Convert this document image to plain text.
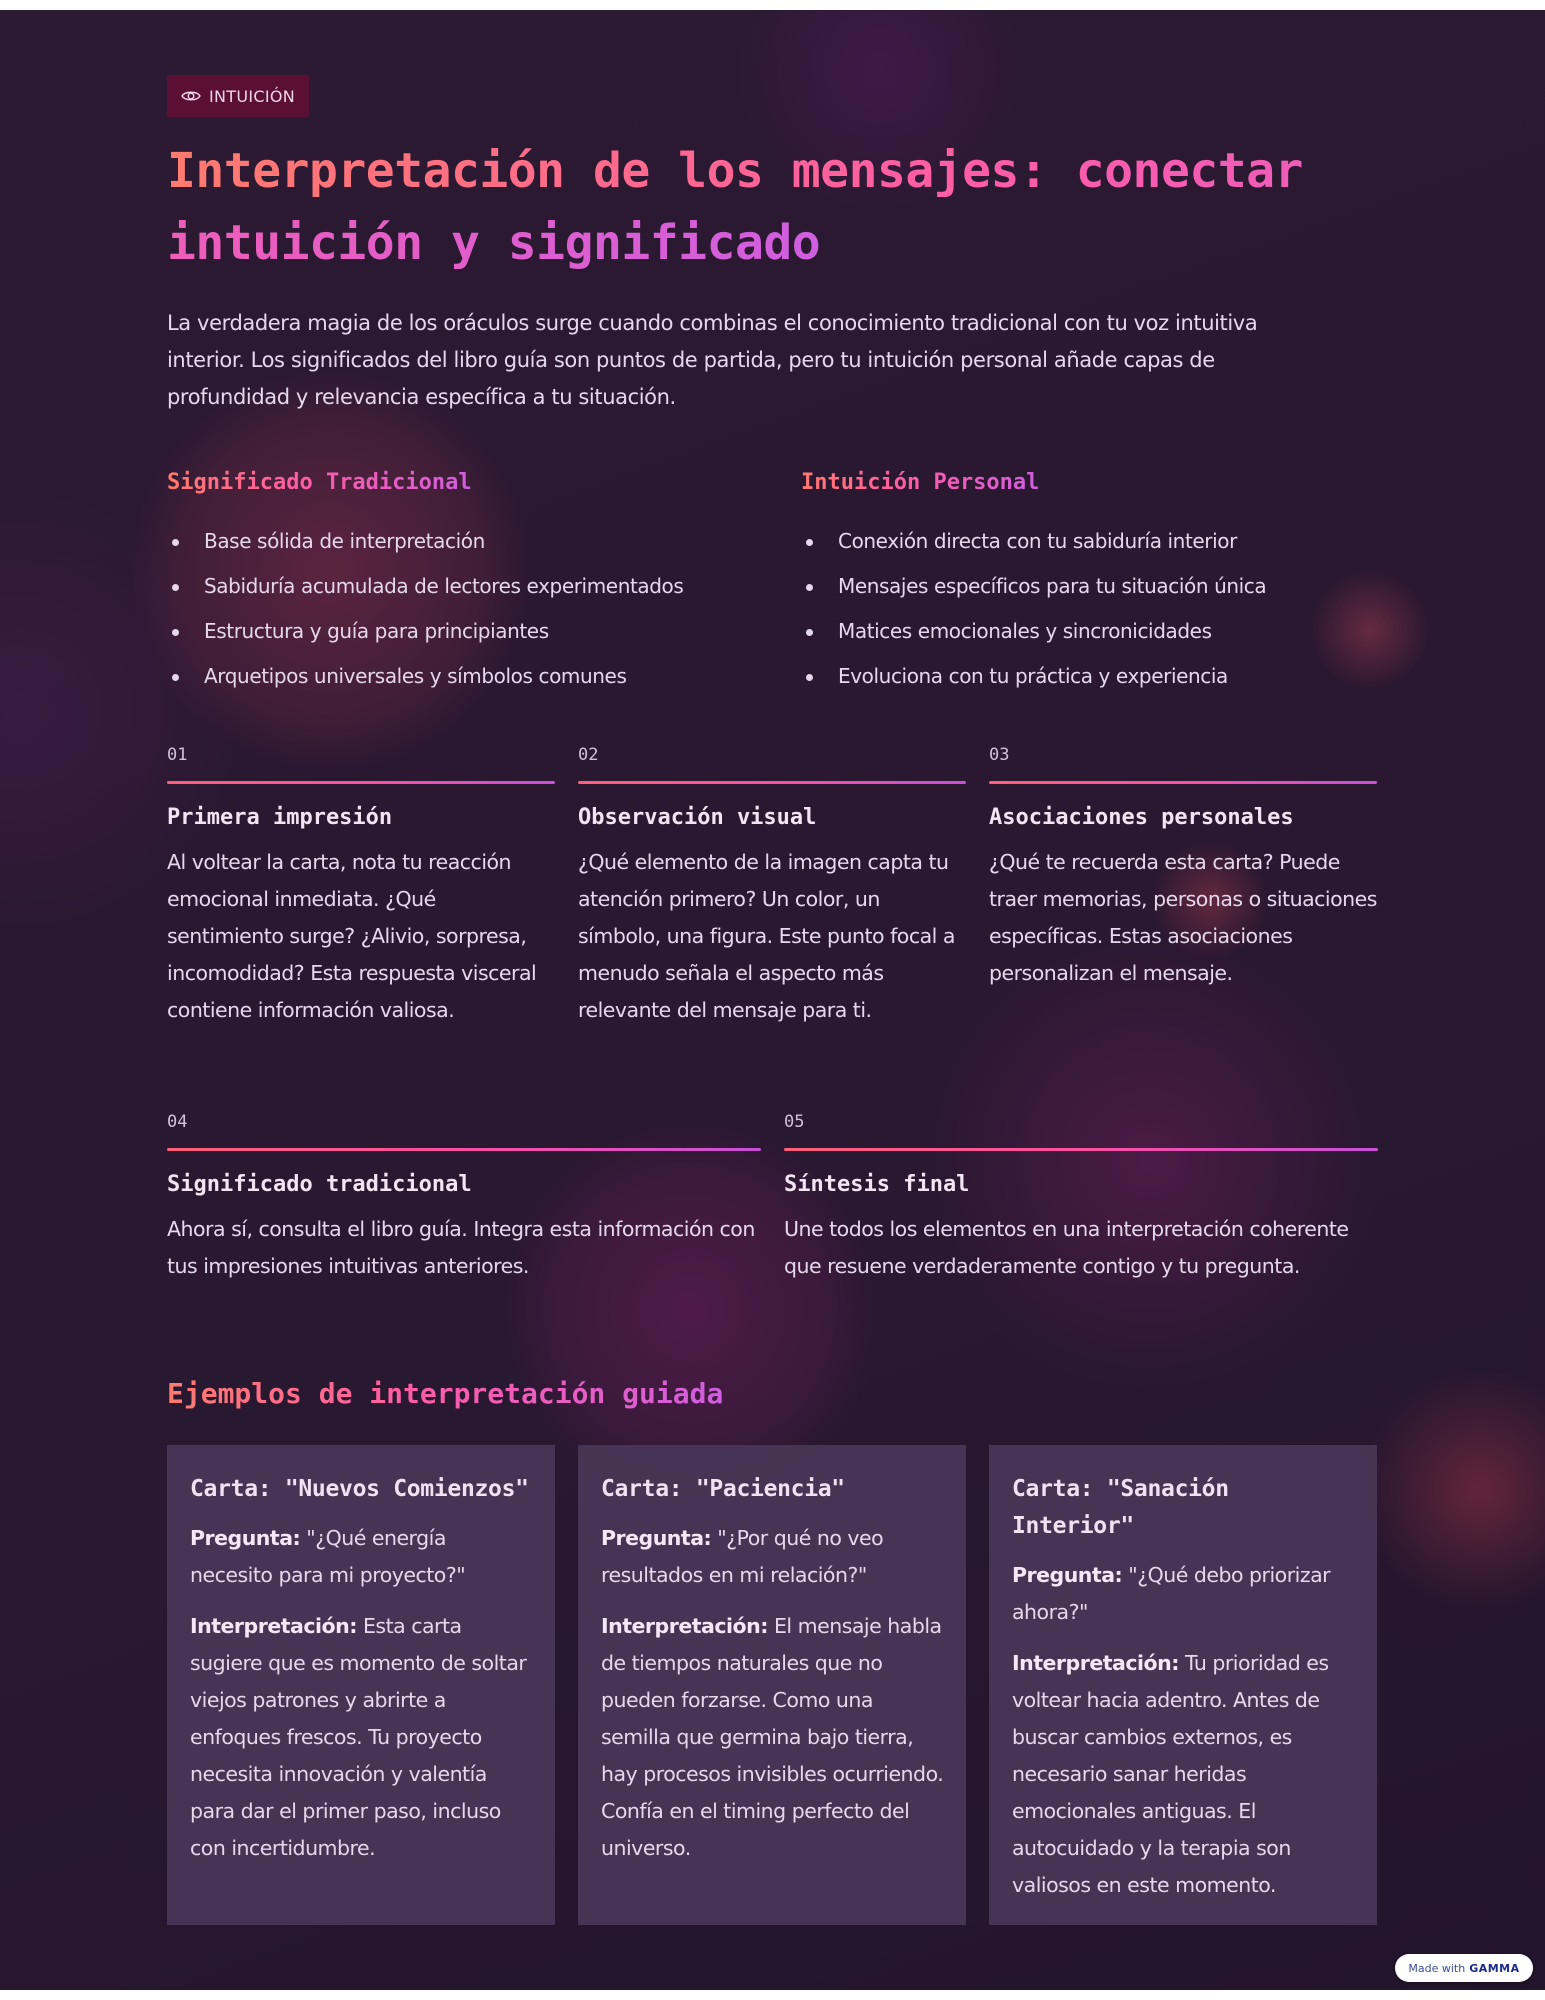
INTUICIÓN
Interpretación de los mensajes: conectar intuición y significado

La verdadera magia de los oráculos surge cuando combinas el conocimiento tradicional con tu voz intuitiva interior. Los significados del libro guía son puntos de partida, pero tu intuición personal añade capas de profundidad y relevancia específica a tu situación.

Significado Tradicional
Base sólida de interpretación
Sabiduría acumulada de lectores experimentados
Estructura y guía para principiantes
Arquetipos universales y símbolos comunes
Intuición Personal
Conexión directa con tu sabiduría interior
Mensajes específicos para tu situación única
Matices emocionales y sincronicidades
Evoluciona con tu práctica y experiencia
01
Primera impresión

Al voltear la carta, nota tu reacción emocional inmediata. ¿Qué sentimiento surge? ¿Alivio, sorpresa, incomodidad? Esta respuesta visceral contiene información valiosa.

02
Observación visual

¿Qué elemento de la imagen capta tu atención primero? Un color, un símbolo, una figura. Este punto focal a menudo señala el aspecto más relevante del mensaje para ti.

03
Asociaciones personales

¿Qué te recuerda esta carta? Puede traer memorias, personas o situaciones específicas. Estas asociaciones personalizan el mensaje.

04
Significado tradicional

Ahora sí, consulta el libro guía. Integra esta información con tus impresiones intuitivas anteriores.

05
Síntesis final

Une todos los elementos en una interpretación coherente que resuene verdaderamente contigo y tu pregunta.

Ejemplos de interpretación guiada
Carta: "Nuevos Comienzos"

Pregunta: "¿Qué energía necesito para mi proyecto?"

Interpretación: Esta carta sugiere que es momento de soltar viejos patrones y abrirte a enfoques frescos. Tu proyecto necesita innovación y valentía para dar el primer paso, incluso con incertidumbre.

Carta: "Paciencia"

Pregunta: "¿Por qué no veo resultados en mi relación?"

Interpretación: El mensaje habla de tiempos naturales que no pueden forzarse. Como una semilla que germina bajo tierra, hay procesos invisibles ocurriendo. Confía en el timing perfecto del universo.

Carta: "Sanación Interior"

Pregunta: "¿Qué debo priorizar ahora?"

Interpretación: Tu prioridad es voltear hacia adentro. Antes de buscar cambios externos, es necesario sanar heridas emocionales antiguas. El autocuidado y la terapia son valiosos en este momento.

Made with GAMMA
